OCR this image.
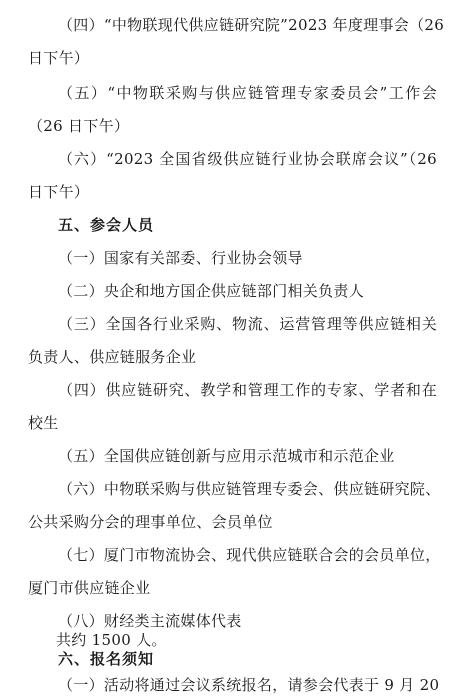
（四）“中物联现代供应链研究院”2023 年度理事会（26
日下午）
（五）“中物联采购与供应链管理专家委员会”工作会
（26 日下午）
（六）“2023 全国省级供应链行业协会联席会议”（26
日下午）
五、参会人员
（一）国家有关部委、行业协会领导
（二）央企和地方国企供应链部门相关负责人
（三）全国各行业采购、物流、运营管理等供应链相关
负责人、供应链服务企业
（四）供应链研究、教学和管理工作的专家、学者和在
校生
（五）全国供应链创新与应用示范城市和示范企业
（六）中物联采购与供应链管理专委会、供应链研究院、
公共采购分会的理事单位、会员单位
（七）厦门市物流协会、现代供应链联合会的会员单位，
厦门市供应链企业
（八）财经类主流媒体代表
共约 1500 人。
六、报名须知
（一）活动将通过会议系统报名，请参会代表于 9 月 20
